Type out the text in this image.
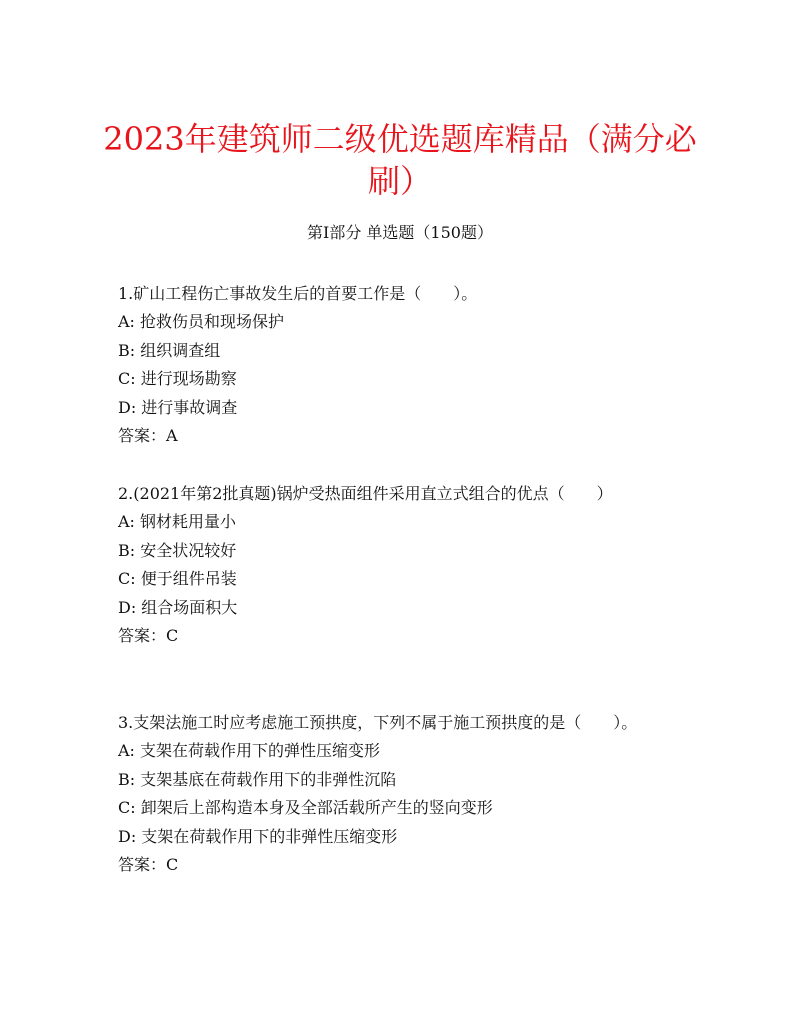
2023年建筑师二级优选题库精品（满分必刷）
第I部分 单选题（150题）

1.矿山工程伤亡事故发生后的首要工作是（　　）。

A: 抢救伤员和现场保护

B: 组织调查组

C: 进行现场勘察

D: 进行事故调查

答案：A

2.(2021年第2批真题)锅炉受热面组件采用直立式组合的优点（　　）

A: 钢材耗用量小

B: 安全状况较好

C: 便于组件吊装

D: 组合场面积大

答案：C

3.支架法施工时应考虑施工预拱度，下列不属于施工预拱度的是（　　）。

A: 支架在荷载作用下的弹性压缩变形

B: 支架基底在荷载作用下的非弹性沉陷

C: 卸架后上部构造本身及全部活载所产生的竖向变形

D: 支架在荷载作用下的非弹性压缩变形

答案：C
